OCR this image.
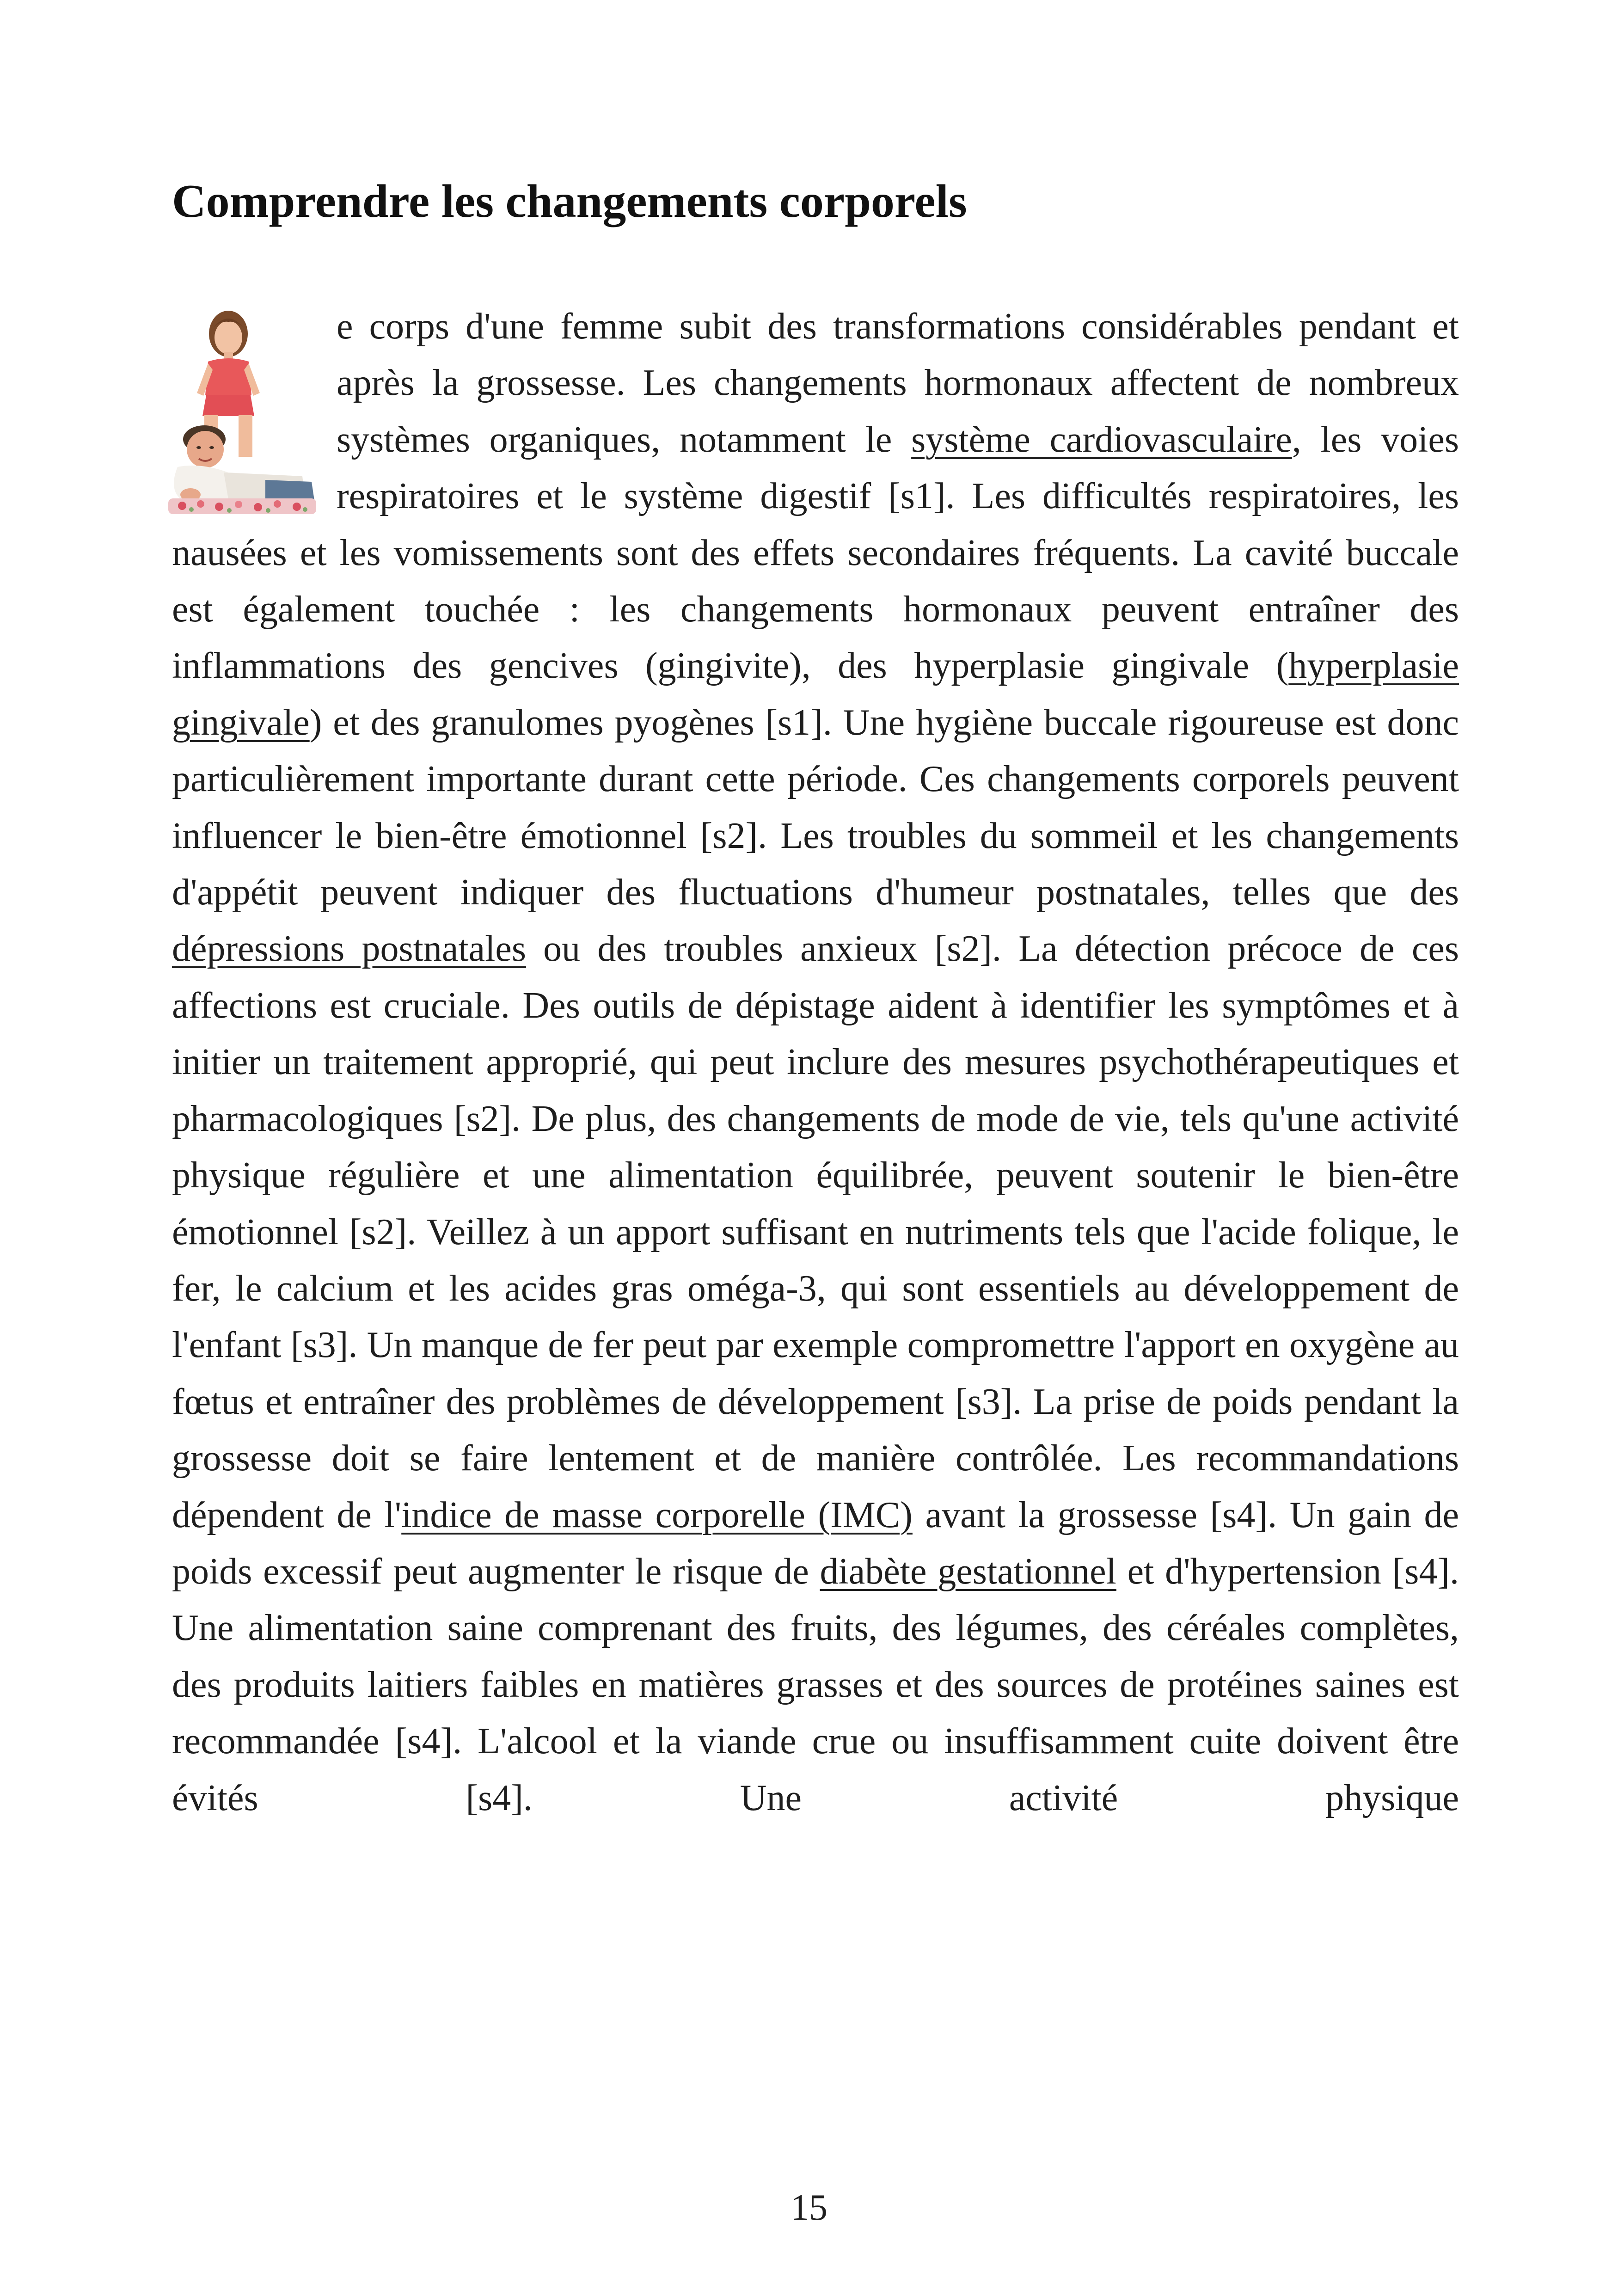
Comprendre les changements corporels

e corps d'une femme subit des transformations considérables pendant et après la grossesse. Les changements hormonaux affectent de nombreux systèmes organiques, notamment le système cardiovasculaire, les voies respiratoires et le système digestif [s1]. Les difficultés respiratoires, les nausées et les vomissements sont des effets secondaires fréquents. La cavité buccale est également touchée : les changements hormonaux peuvent entraîner des inflammations des gencives (gingivite), des hyperplasie gingivale (hyperplasie gingivale) et des granulomes pyogènes [s1]. Une hygiène buccale rigoureuse est donc particulièrement importante durant cette période. Ces changements corporels peuvent influencer le bien-être émotionnel [s2]. Les troubles du sommeil et les changements d'appétit peuvent indiquer des fluctuations d'humeur postnatales, telles que des dépressions postnatales ou des troubles anxieux [s2]. La détection précoce de ces affections est cruciale. Des outils de dépistage aident à identifier les symptômes et à initier un traitement approprié, qui peut inclure des mesures psychothérapeutiques et pharmacologiques [s2]. De plus, des changements de mode de vie, tels qu'une activité physique régulière et une alimentation équilibrée, peuvent soutenir le bien-être émotionnel [s2]. Veillez à un apport suffisant en nutriments tels que l'acide folique, le fer, le calcium et les acides gras oméga-3, qui sont essentiels au développement de l'enfant [s3]. Un manque de fer peut par exemple compromettre l'apport en oxygène au fœtus et entraîner des problèmes de développement [s3]. La prise de poids pendant la grossesse doit se faire lentement et de manière contrôlée. Les recommandations dépendent de l'indice de masse corporelle (IMC) avant la grossesse [s4]. Un gain de poids excessif peut augmenter le risque de diabète gestationnel et d'hypertension [s4]. Une alimentation saine comprenant des fruits, des légumes, des céréales complètes, des produits laitiers faibles en matières grasses et des sources de protéines saines est recommandée [s4]. L'alcool et la viande crue ou insuffisamment cuite doivent être évités [s4]. Une activité physique

15
